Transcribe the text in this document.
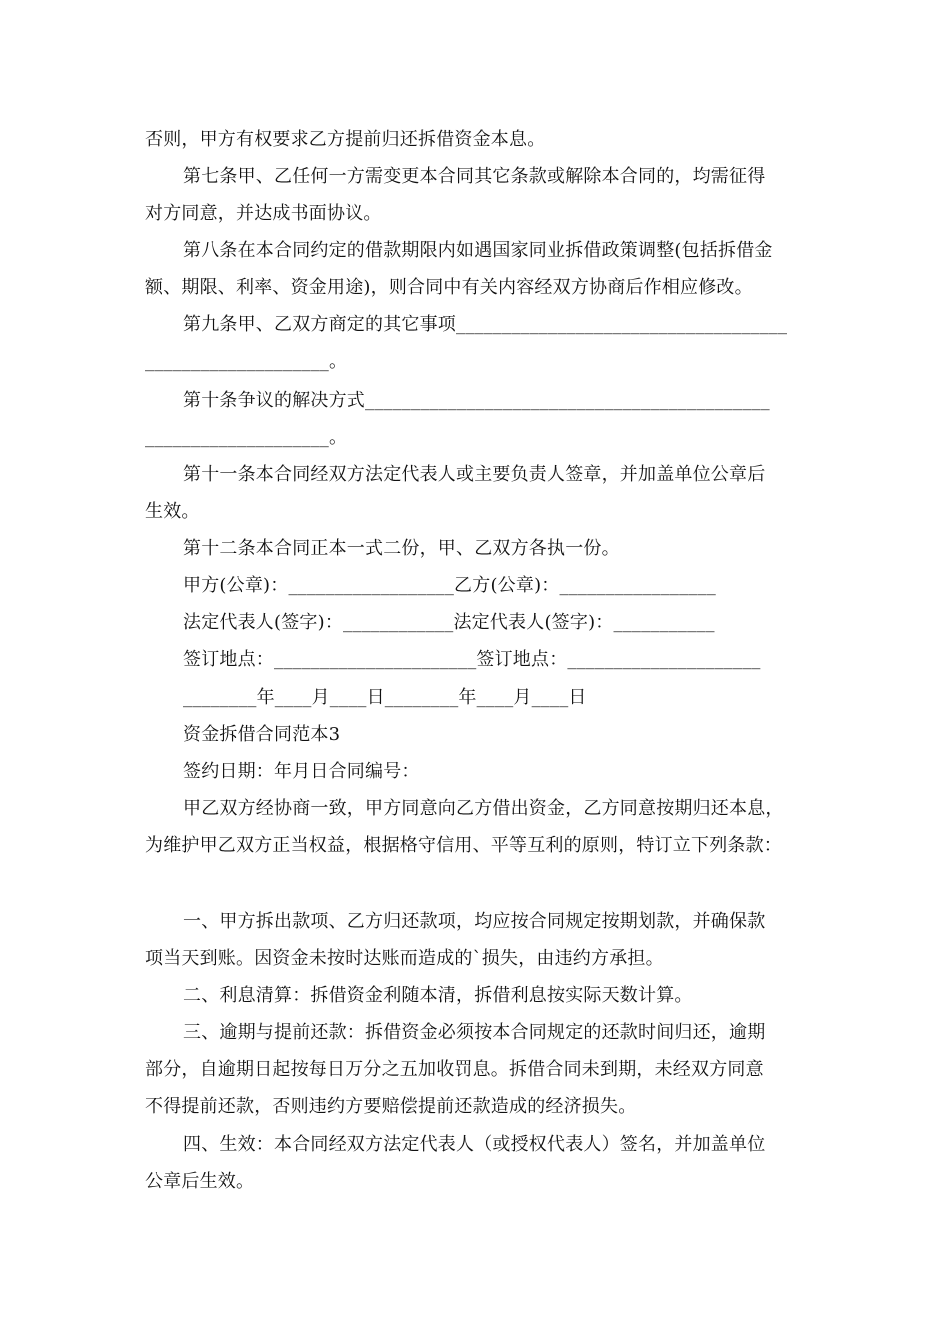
否则，甲方有权要求乙方提前归还拆借资金本息。
第七条甲、乙任何一方需变更本合同其它条款或解除本合同的，均需征得
对方同意，并达成书面协议。
第八条在本合同约定的借款期限内如遇国家同业拆借政策调整(包括拆借金
额、期限、利率、资金用途)，则合同中有关内容经双方协商后作相应修改。
第九条甲、乙双方商定的其它事项____________________________________
____________________。
第十条争议的解决方式____________________________________________
____________________。
第十一条本合同经双方法定代表人或主要负责人签章，并加盖单位公章后
生效。
第十二条本合同正本一式二份，甲、乙双方各执一份。
甲方(公章)：__________________乙方(公章)：_________________
法定代表人(签字)：____________法定代表人(签字)：___________
签订地点：______________________签订地点：_____________________
________年____月____日________年____月____日
资金拆借合同范本3
签约日期：年月日合同编号：
甲乙双方经协商一致，甲方同意向乙方借出资金，乙方同意按期归还本息，
为维护甲乙双方正当权益，根据格守信用、平等互利的原则，特订立下列条款：
一、甲方拆出款项、乙方归还款项，均应按合同规定按期划款，并确保款
项当天到账。因资金未按时达账而造成的`损失，由违约方承担。
二、利息清算：拆借资金利随本清，拆借利息按实际天数计算。
三、逾期与提前还款：拆借资金必须按本合同规定的还款时间归还，逾期
部分，自逾期日起按每日万分之五加收罚息。拆借合同未到期，未经双方同意
不得提前还款，否则违约方要赔偿提前还款造成的经济损失。
四、生效：本合同经双方法定代表人（或授权代表人）签名，并加盖单位
公章后生效。
